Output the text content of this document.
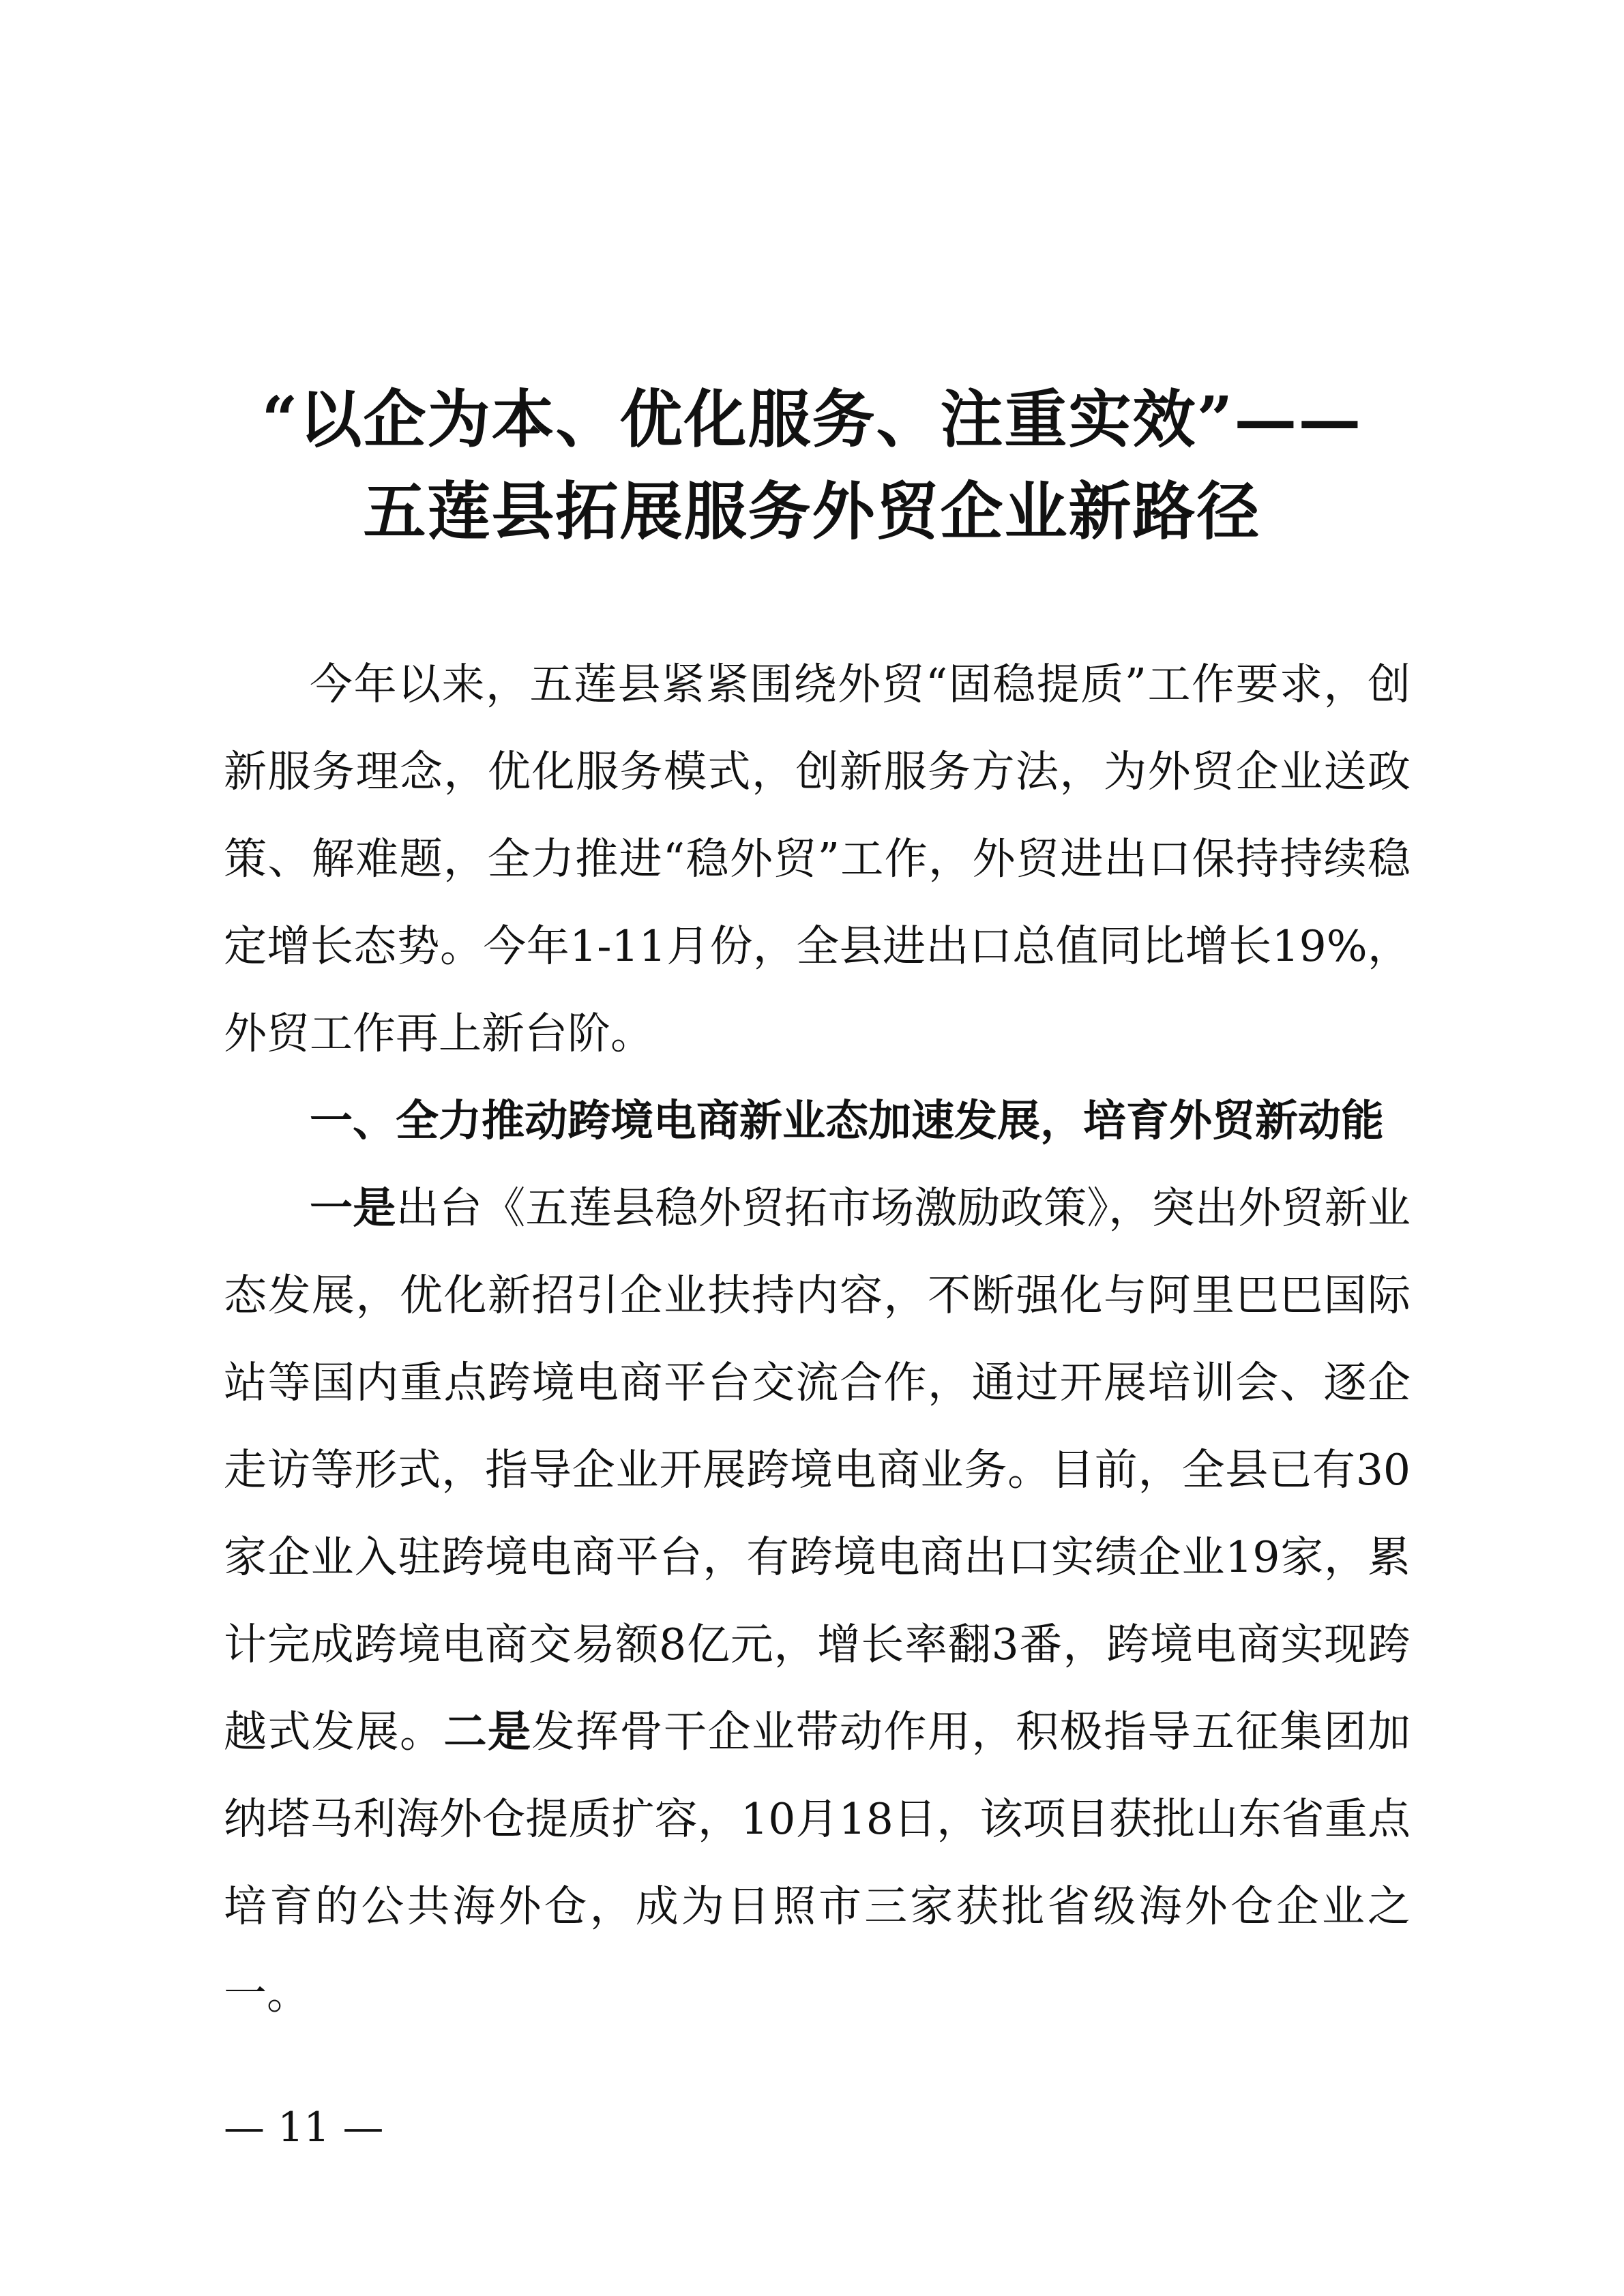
“以企为本、优化服务、注重实效”——
五莲县拓展服务外贸企业新路径

今年以来，五莲县紧紧围绕外贸“固稳提质”工作要求，创新服务理念，优化服务模式，创新服务方法，为外贸企业送政策、解难题，全力推进“稳外贸”工作，外贸进出口保持持续稳定增长态势。今年1-11月份，全县进出口总值同比增长19%，外贸工作再上新台阶。

一、全力推动跨境电商新业态加速发展，培育外贸新动能

一是出台《五莲县稳外贸拓市场激励政策》，突出外贸新业态发展，优化新招引企业扶持内容，不断强化与阿里巴巴国际站等国内重点跨境电商平台交流合作，通过开展培训会、逐企走访等形式，指导企业开展跨境电商业务。目前，全县已有30家企业入驻跨境电商平台，有跨境电商出口实绩企业19家，累计完成跨境电商交易额8亿元，增长率翻3番，跨境电商实现跨越式发展。二是发挥骨干企业带动作用，积极指导五征集团加纳塔马利海外仓提质扩容，10月18日，该项目获批山东省重点培育的公共海外仓，成为日照市三家获批省级海外仓企业之一。

— 11 —
